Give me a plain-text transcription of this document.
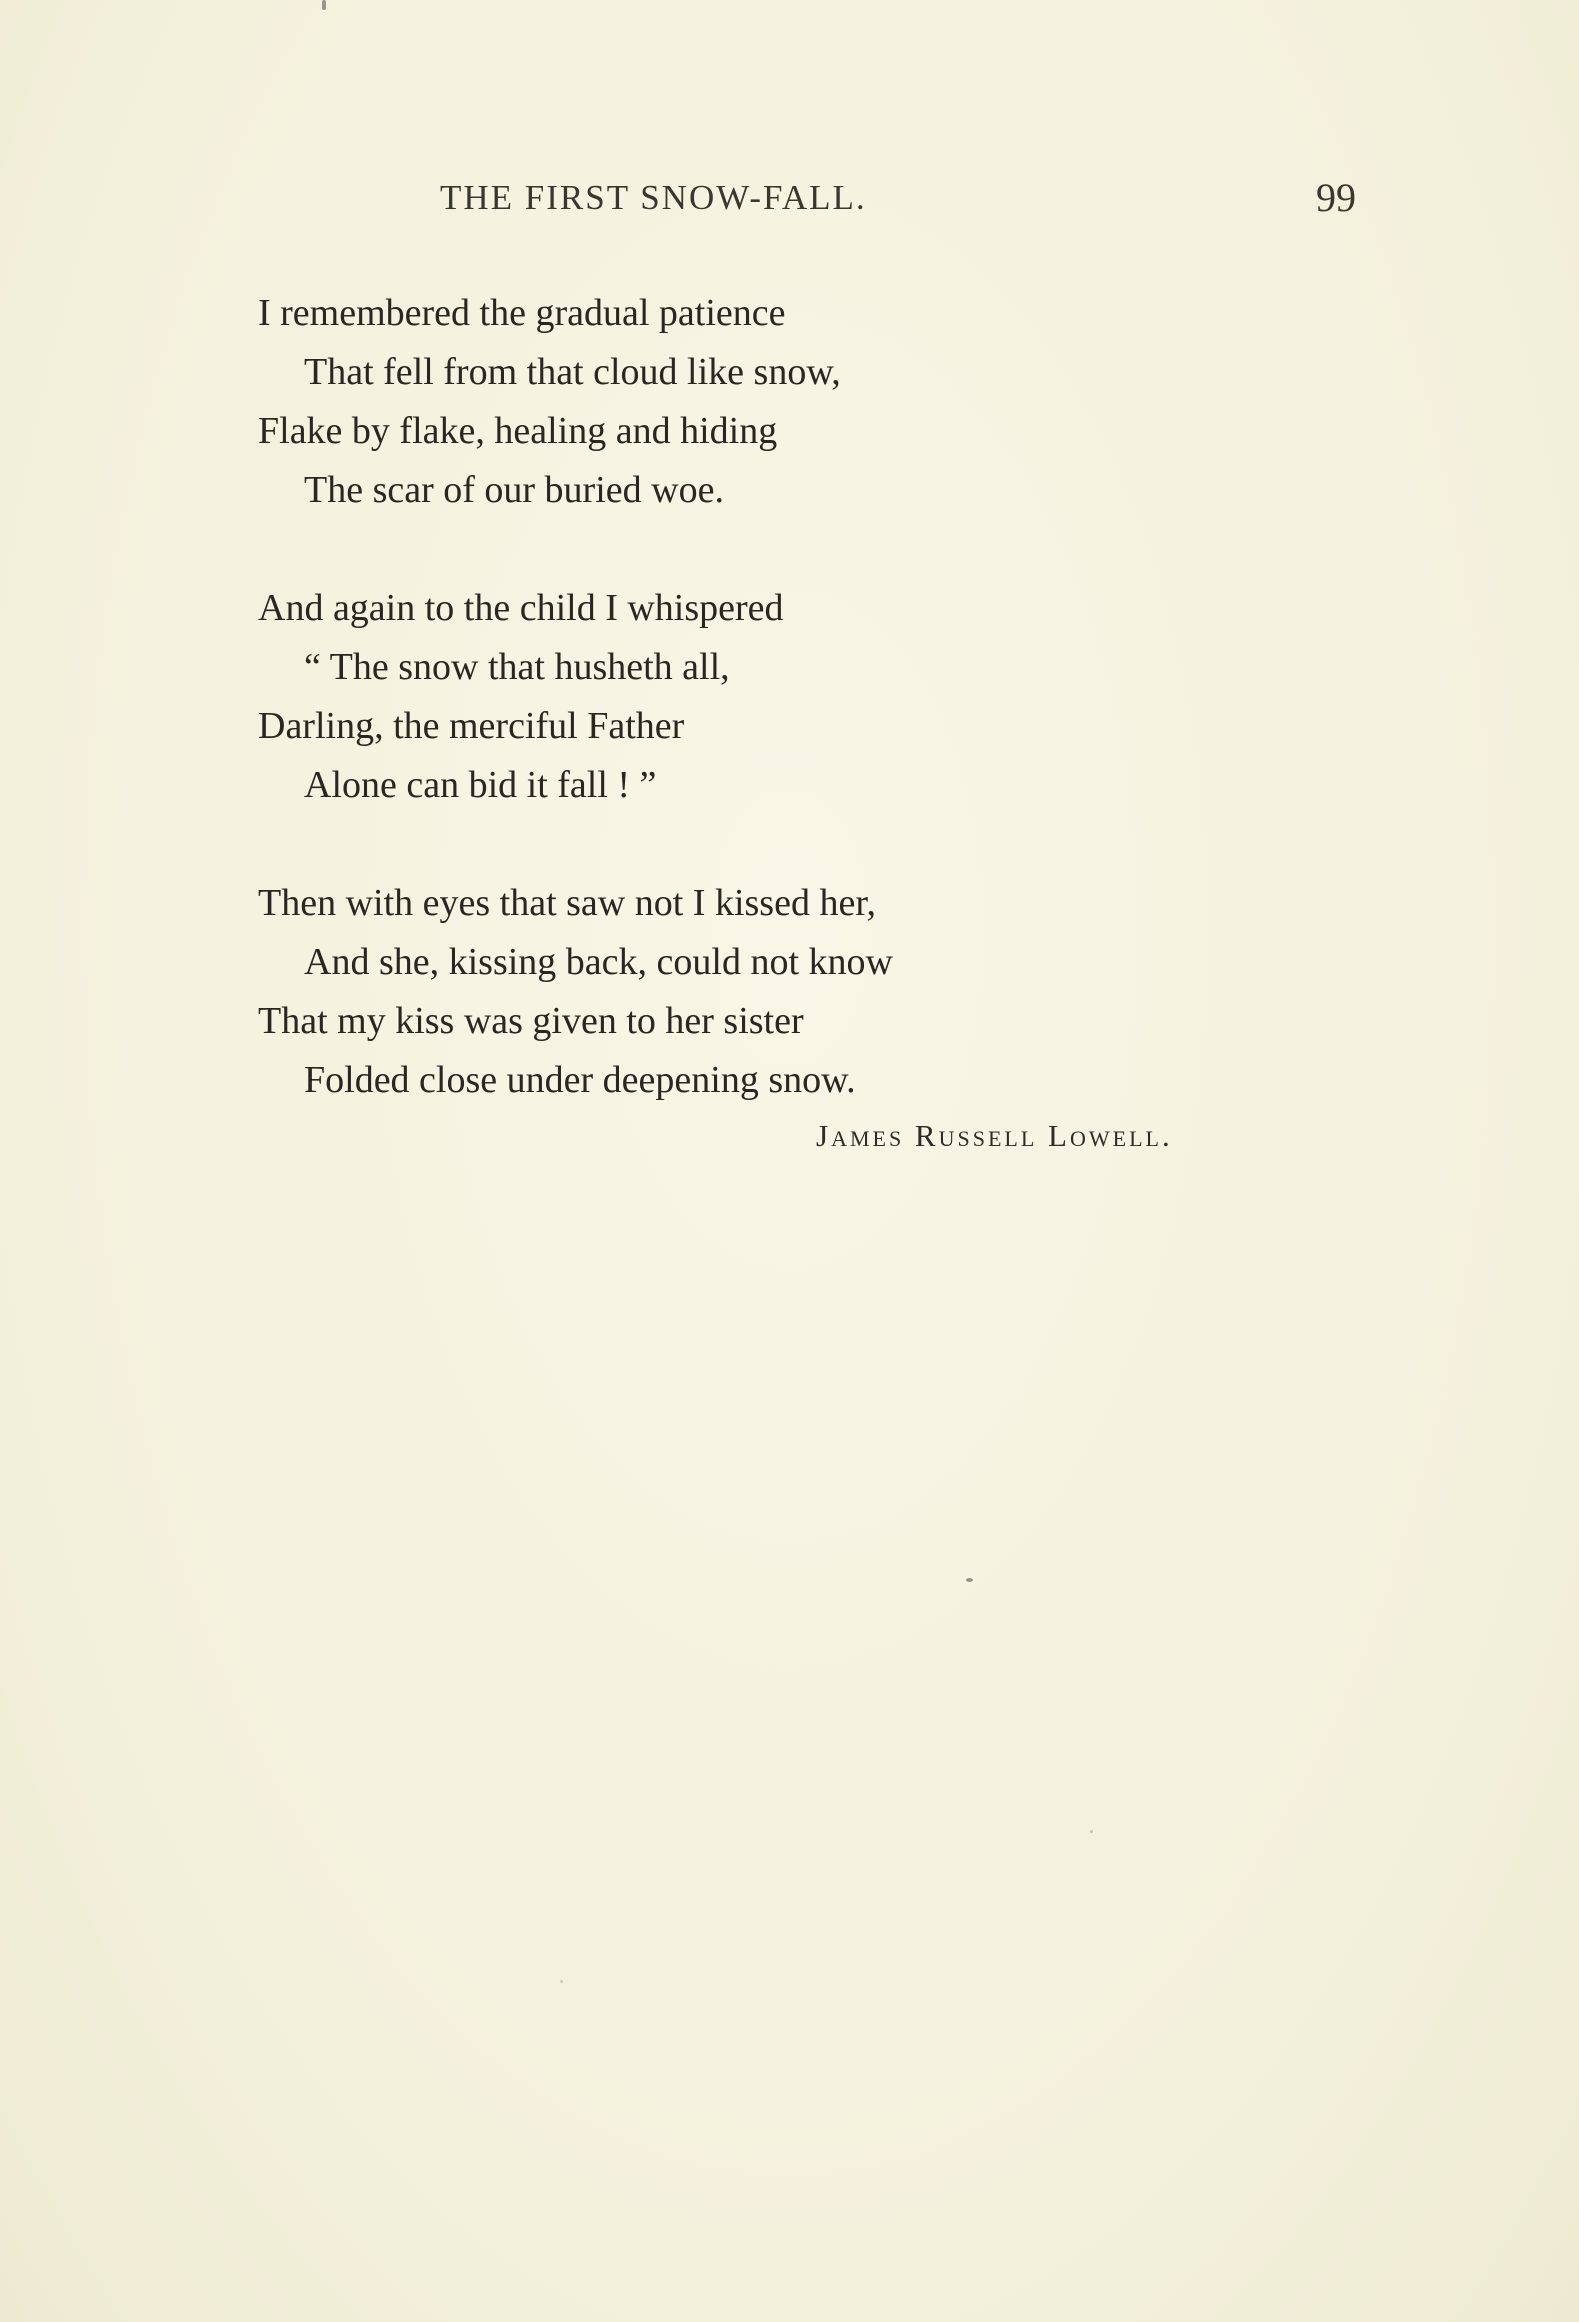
THE FIRST SNOW-FALL.	99
I remembered the gradual patience
That fell from that cloud like snow,
Flake by flake, healing and hiding
The scar of our buried woe.
And again to the child I whispered
“ The snow that husheth all,
Darling, the merciful Father
Alone can bid it fall ! ”
Then with eyes that saw not I kissed her,
And she, kissing back, could not know
That my kiss was given to her sister
Folded close under deepening snow.
James Russell Lowell.
